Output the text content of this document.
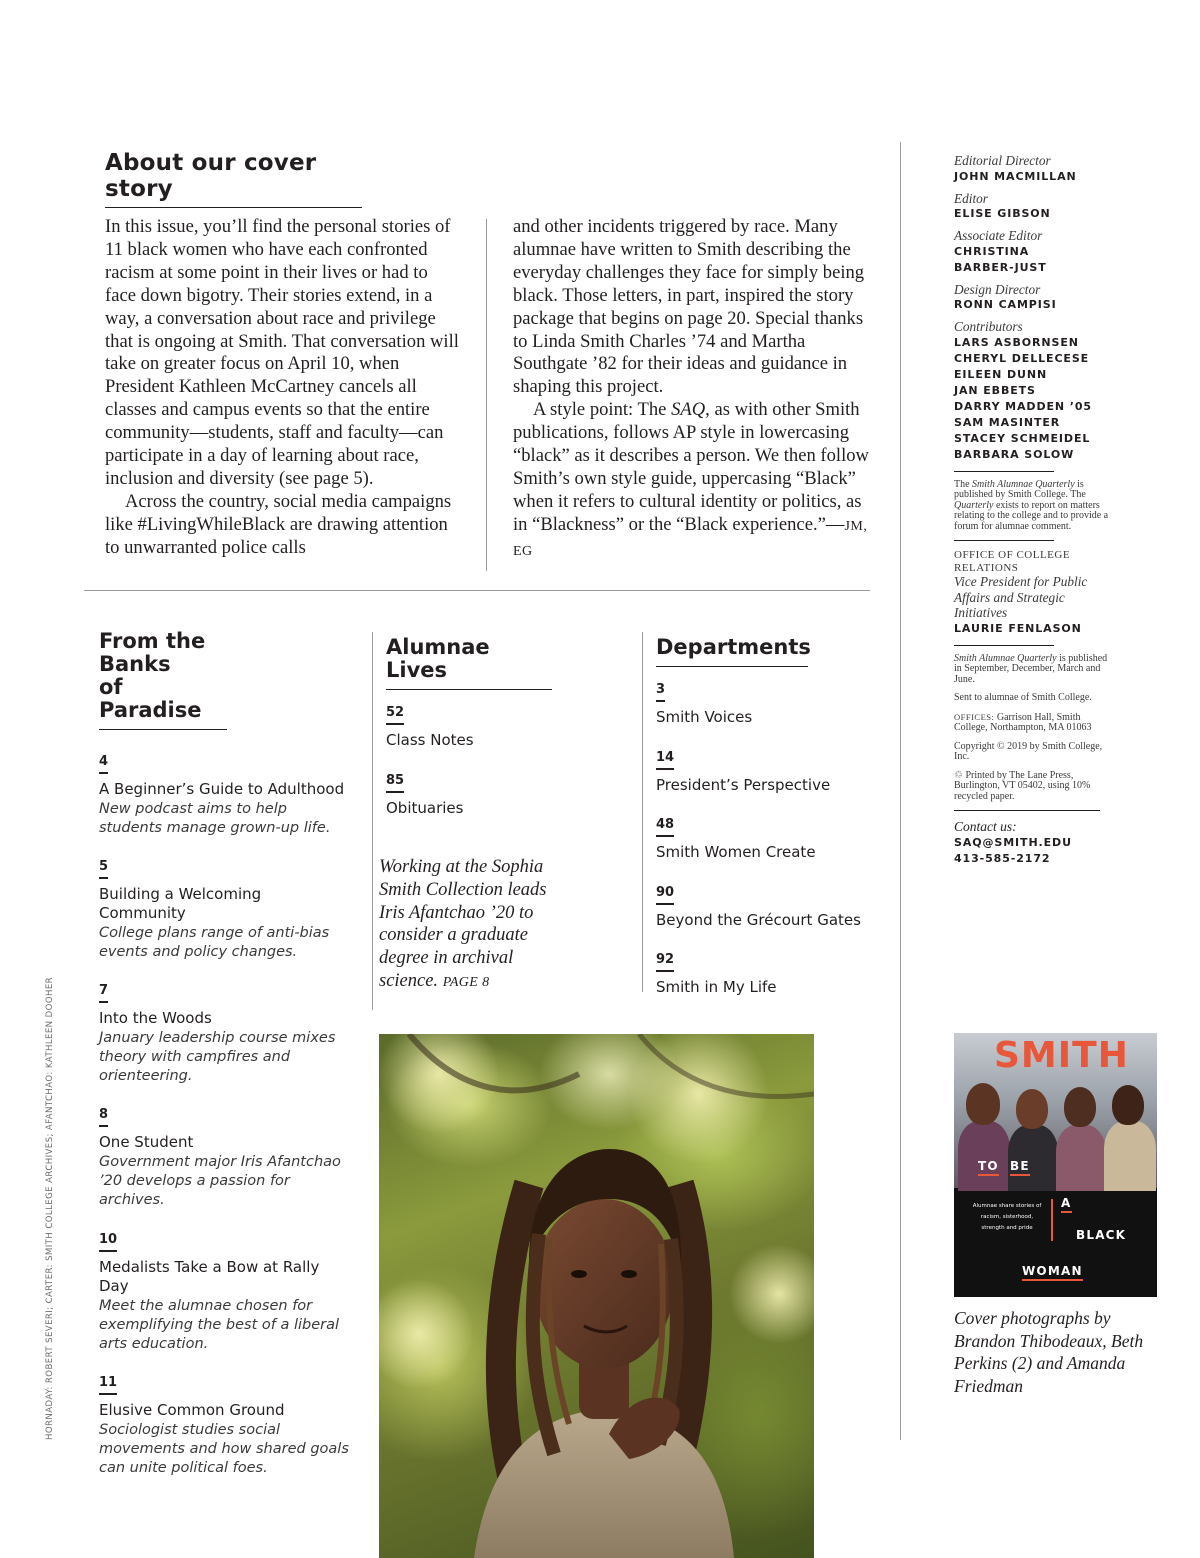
About our cover story

In this issue, you’ll find the personal stories of 11 black women who have each confronted racism at some point in their lives or had to face down bigotry. Their stories extend, in a way, a conversation about race and privilege that is ongoing at Smith. That conversation will take on greater focus on April 10, when President Kathleen McCartney cancels all classes and campus events so that the entire community—students, staff and faculty—can participate in a day of learning about race, inclusion and diversity (see page 5).

Across the country, social media campaigns like #LivingWhileBlack are drawing attention to unwarranted police calls

and other incidents triggered by race. Many alumnae have written to Smith describing the everyday challenges they face for simply being black. Those letters, in part, inspired the story package that begins on page 20. Special thanks to Linda Smith Charles ’74 and Martha Southgate ’82 for their ideas and guidance in shaping this project.

A style point: The SAQ, as with other Smith publications, follows AP style in lowercasing “black” as it describes a person. We then follow Smith’s own style guide, uppercasing “Black” when it refers to cultural identity or politics, as in “Blackness” or the “Black experience.”—JM, EG

From the Banks
of Paradise
4
A Beginner’s Guide to Adulthood
New podcast aims to help students manage grown-up life.
5
Building a Welcoming Community
College plans range of anti-bias events and policy changes.
7
Into the Woods
January leadership course mixes theory with campfires and orienteering.
8
One Student
Government major Iris Afantchao ’20 develops a passion for archives.
10
Medalists Take a Bow at Rally Day
Meet the alumnae chosen for exemplifying the best of a liberal arts education.
11
Elusive Common Ground
Sociologist studies social movements and how shared goals can unite political foes.
Alumnae Lives
52
Class Notes
85
Obituaries
Departments
3
Smith Voices
14
President’s Perspective
48
Smith Women Create
90
Beyond the Grécourt Gates
92
Smith in My Life
Working at the Sophia Smith Collection leads Iris Afantchao ’20 to consider a graduate degree in archival science. PAGE 8

Editorial Director

JOHN MACMILLAN

Editor

ELISE GIBSON

Associate Editor

CHRISTINA

BARBER-JUST

Design Director

RONN CAMPISI

Contributors

LARS ASBORNSEN

CHERYL DELLECESE

EILEEN DUNN

JAN EBBETS

DARRY MADDEN ’05

SAM MASINTER

STACEY SCHMEIDEL

BARBARA SOLOW

The Smith Alumnae Quarterly is published by Smith College. The Quarterly exists to report on matters relating to the college and to provide a forum for alumnae comment.

OFFICE OF COLLEGE RELATIONS

Vice President for Public Affairs and Strategic Initiatives

LAURIE FENLASON

Smith Alumnae Quarterly is published in September, December, March and June.

Sent to alumnae of Smith College.

OFFICES: Garrison Hall, Smith College, Northampton, MA 01063

Copyright © 2019 by Smith College, Inc.

♲ Printed by The Lane Press, Burlington, VT 05402, using 10% recycled paper.

Contact us:

SAQ@SMITH.EDU

413-585-2172

SMITH
TO BE
Alumnae share stories of racism, sisterhood, strength and pride
A
BLACK
WOMAN

Cover photographs by Brandon Thibodeaux, Beth Perkins (2) and Amanda Friedman

HORNADAY: ROBERT SEVERI; CARTER: SMITH COLLEGE ARCHIVES; AFANTCHAO: KATHLEEN DOOHER
